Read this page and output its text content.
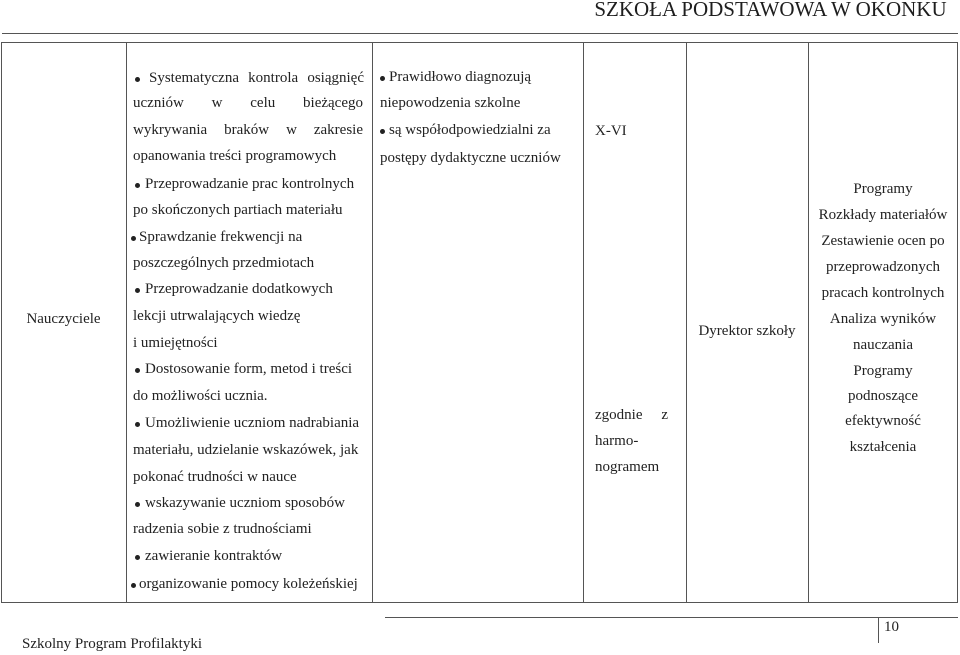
SZKOŁA PODSTAWOWA W OKONKU
Nauczyciele
Systematyczna kontrola osiągnięć
uczniów w celu bieżącego
wykrywania braków w zakresie
opanowania treści programowych
Przeprowadzanie prac kontrolnych
po skończonych partiach materiału
Sprawdzanie frekwencji na
poszczególnych przedmiotach
Przeprowadzanie dodatkowych
lekcji utrwalających wiedzę
i umiejętności
Dostosowanie form, metod i treści
do możliwości ucznia.
Umożliwienie uczniom nadrabiania
materiału, udzielanie wskazówek, jak
pokonać trudności w nauce
wskazywanie uczniom sposobów
radzenia sobie z trudnościami
zawieranie kontraktów
organizowanie pomocy koleżeńskiej
Prawidłowo diagnozują
niepowodzenia szkolne
są współodpowiedzialni za
postępy dydaktyczne uczniów
X-VI
zgodnie z
harmo-
nogramem
Dyrektor szkoły
Programy
Rozkłady materiałów
Zestawienie ocen po
przeprowadzonych
pracach kontrolnych
Analiza wyników
nauczania
Programy
podnoszące
efektywność
kształcenia
10
Szkolny Program Profilaktyki
